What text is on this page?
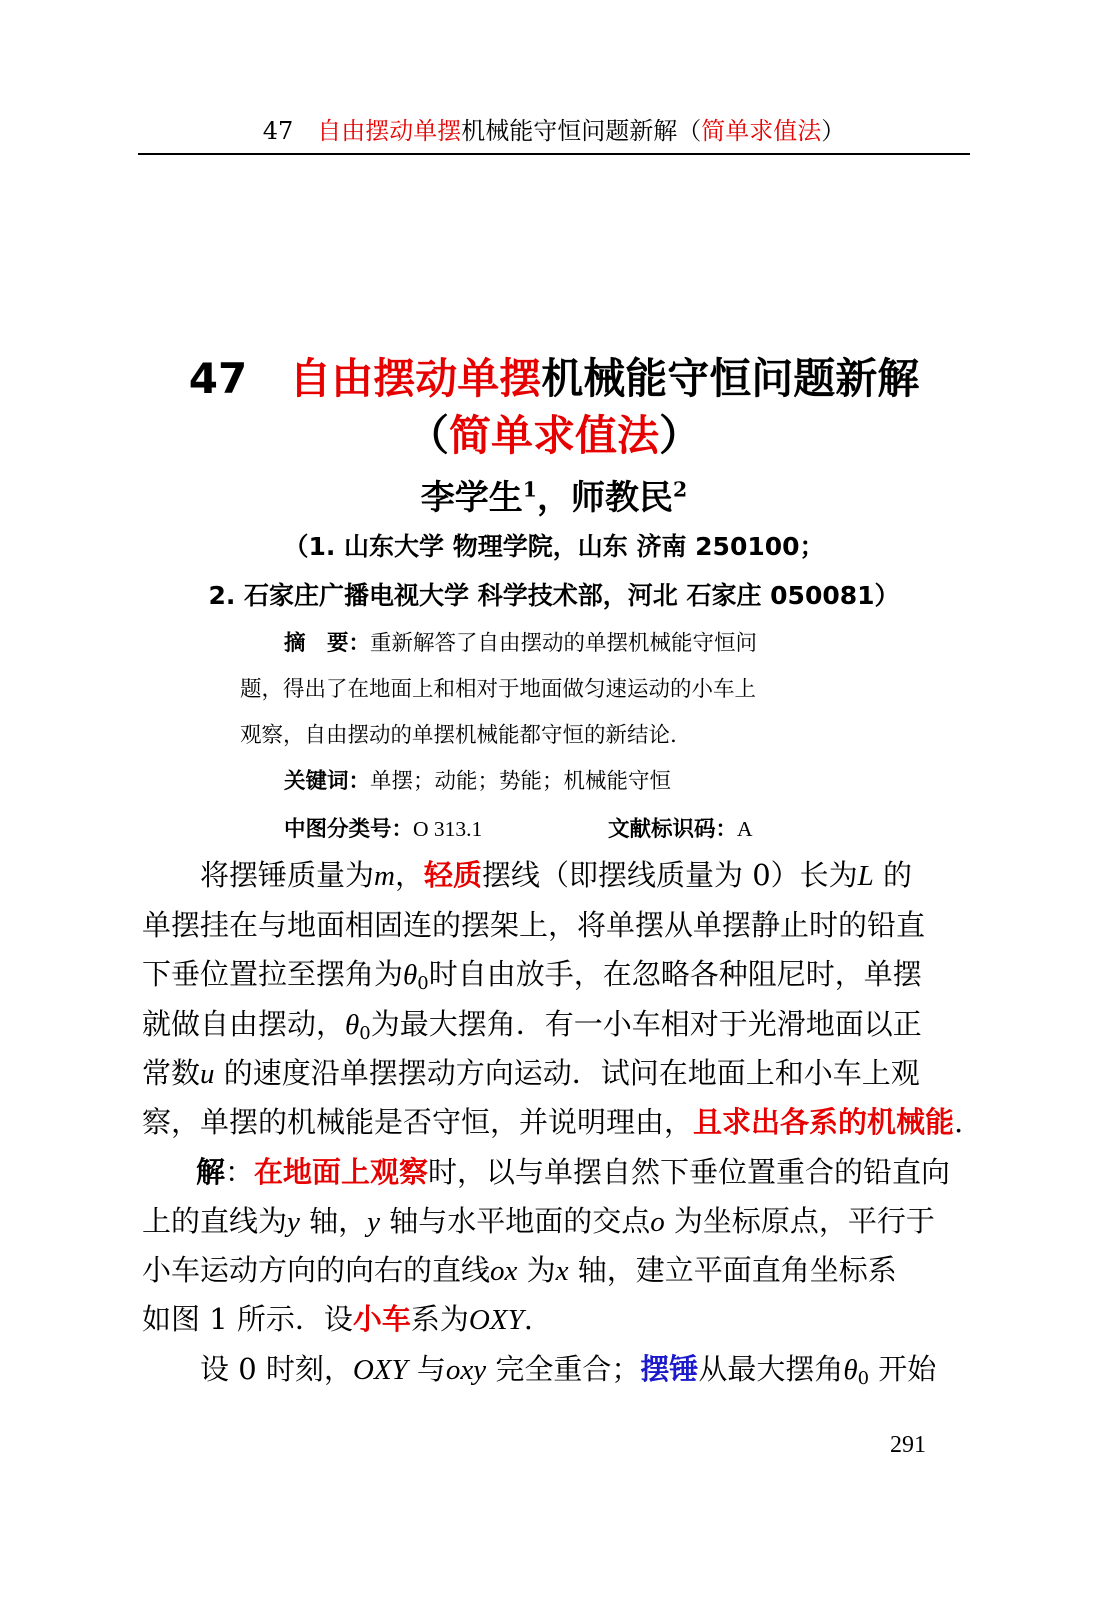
47  自由摆动单摆机械能守恒问题新解（简单求值法）
47  自由摆动单摆机械能守恒问题新解
（简单求值法）
李学生$^1$，师教民$^2$
（1. 山东大学 物理学院，山东 济南 250100；
2. 石家庄广播电视大学 科学技术部，河北 石家庄 050081）
摘　要：重新解答了自由摆动的单摆机械能守恒问
题，得出了在地面上和相对于地面做匀速运动的小车上
观察，自由摆动的单摆机械能都守恒的新结论.
关键词：单摆；动能；势能；机械能守恒
中图分类号：O 313.1	文献标识码：A
将摆锤质量为m，轻质摆线（即摆线质量为 0）长为L 的
单摆挂在与地面相固连的摆架上，将单摆从单摆静止时的铅直
下垂位置拉至摆角为$\theta_0$时自由放手，在忽略各种阻尼时，单摆
就做自由摆动，$\theta_0$为最大摆角．有一小车相对于光滑地面以正
常数u 的速度沿单摆摆动方向运动．试问在地面上和小车上观
察，单摆的机械能是否守恒，并说明理由，且求出各系的机械能.
解：在地面上观察时，以与单摆自然下垂位置重合的铅直向
上的直线为y 轴，y 轴与水平地面的交点o 为坐标原点，平行于
小车运动方向的向右的直线ox 为x 轴，建立平面直角坐标系
如图 1 所示．设小车系为OXY.
设 0 时刻，OXY 与oxy 完全重合；摆锤从最大摆角$\theta_0$ 开始
291
